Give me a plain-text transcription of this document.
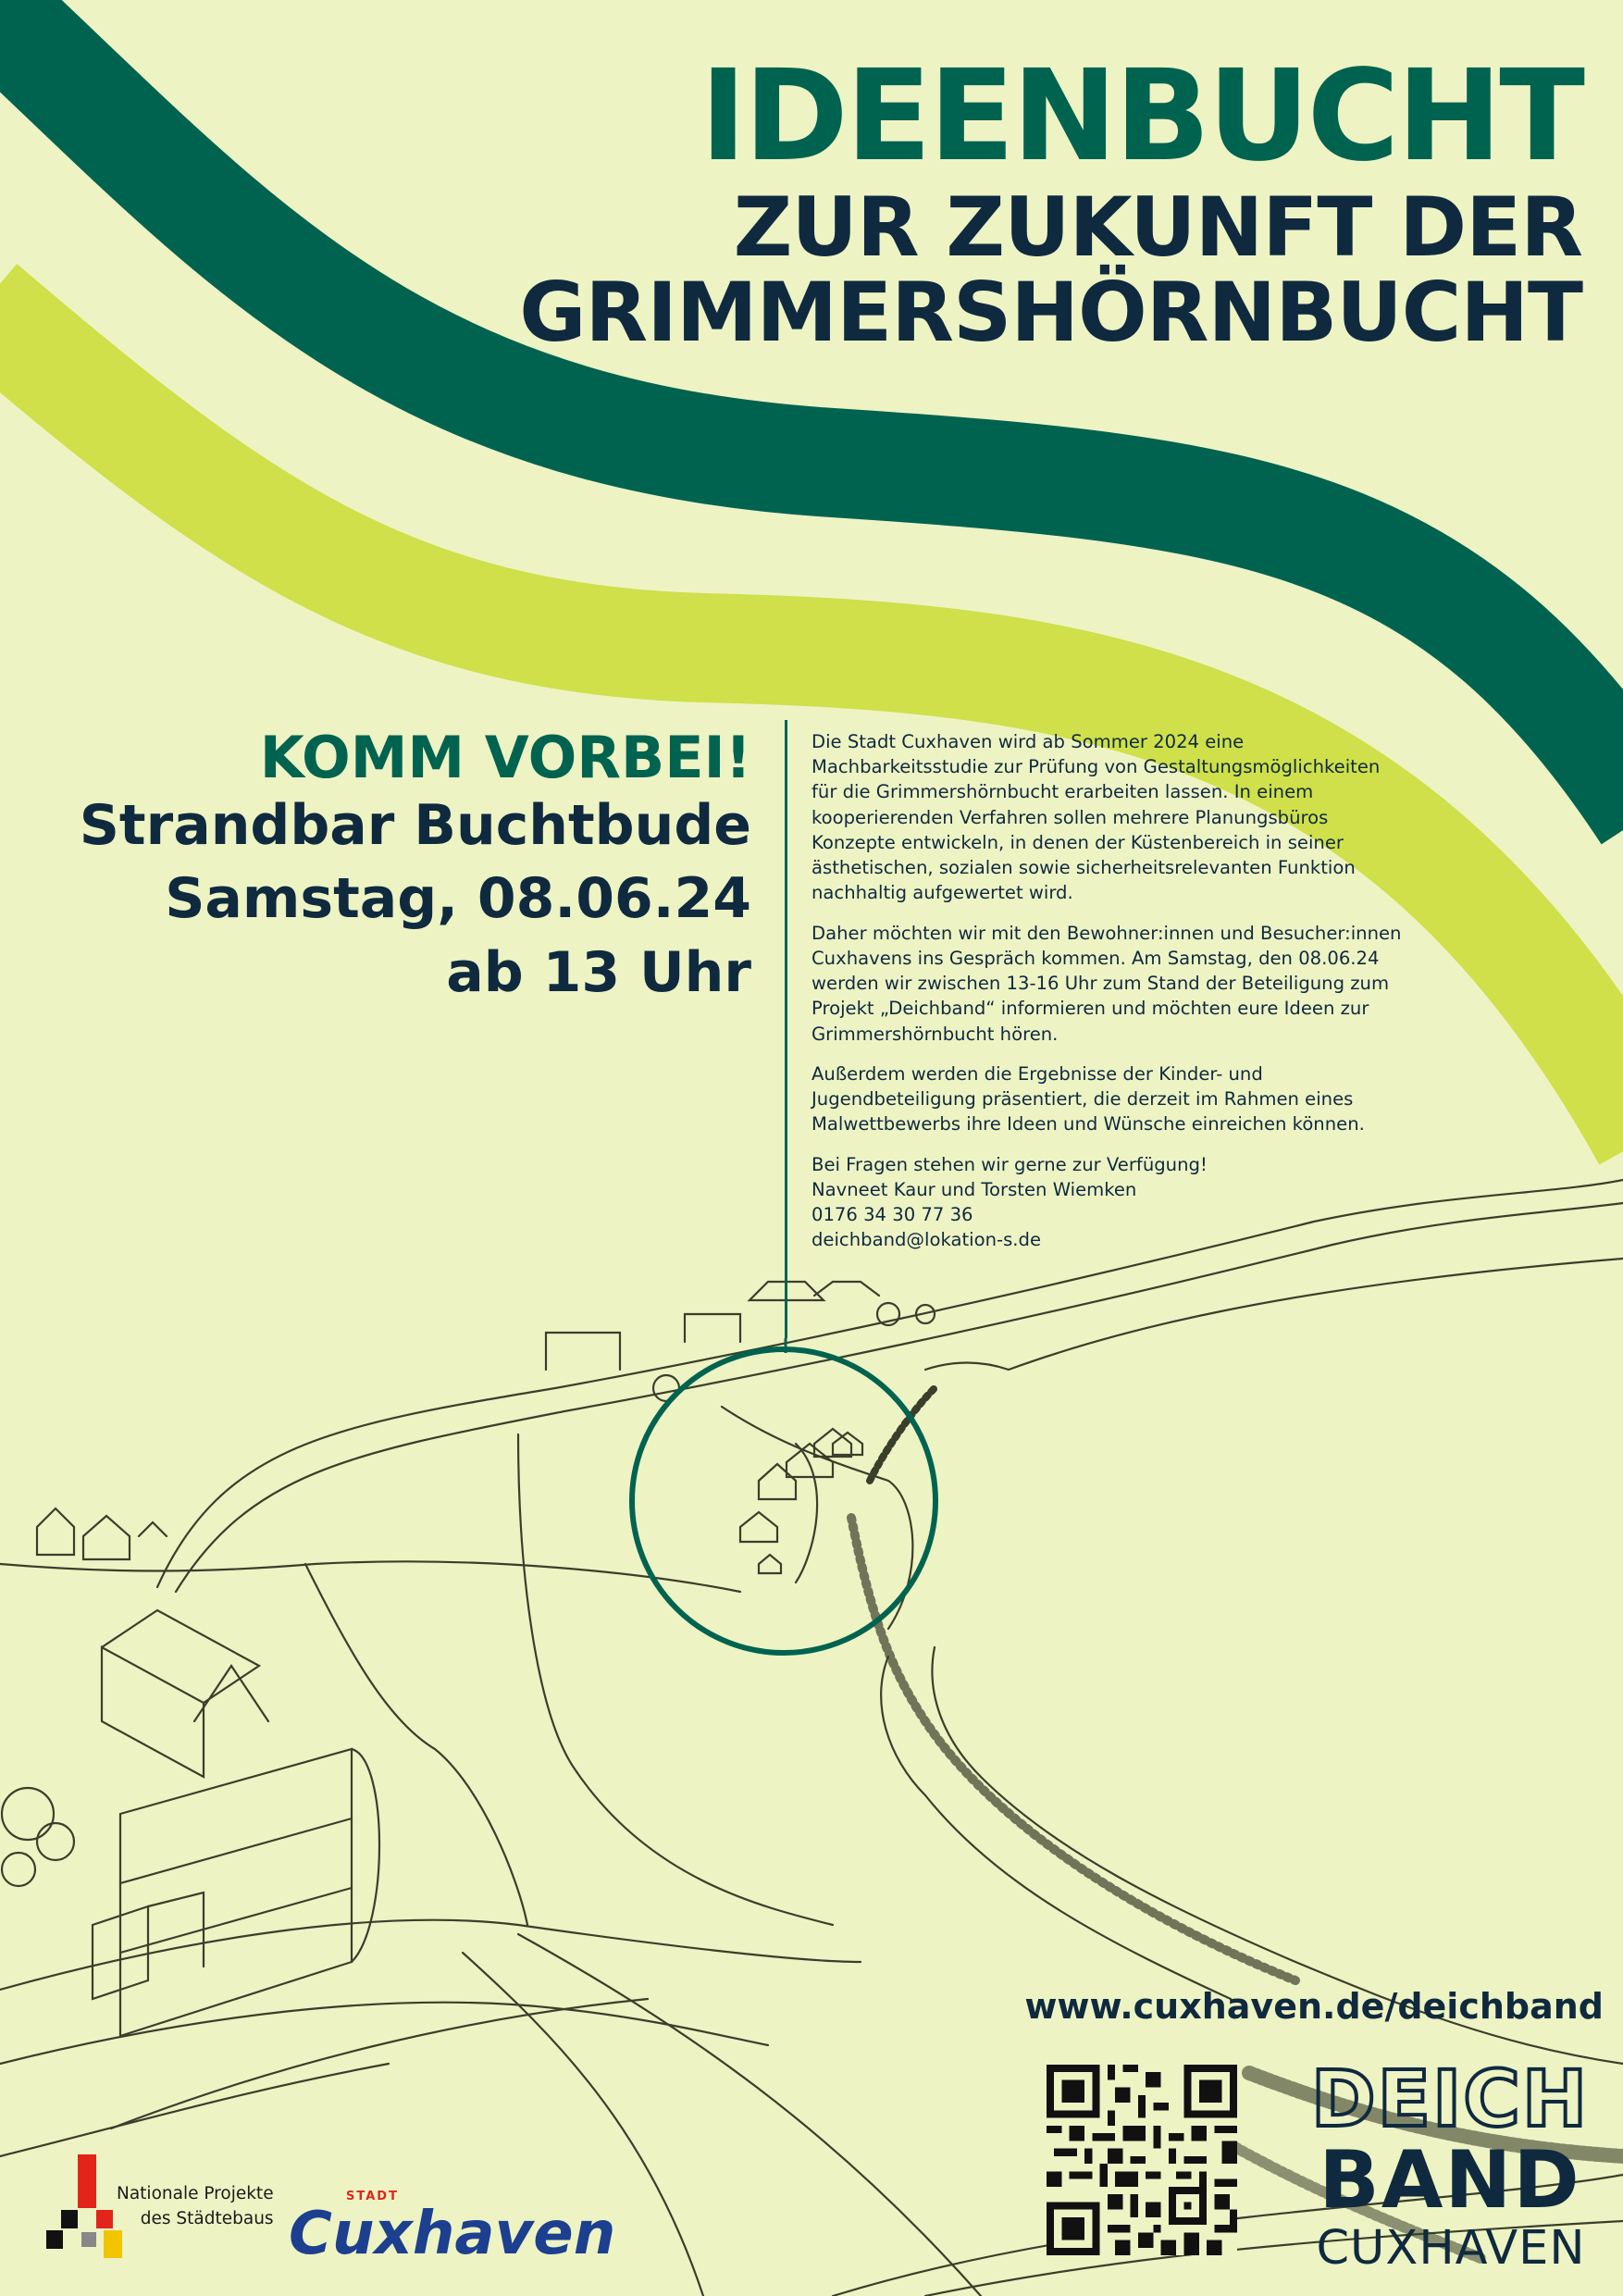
IDEENBUCHT
ZUR ZUKUNFT DER
GRIMMERSHÖRNBUCHT
KOMM VORBEI!
Strandbar Buchtbude
Samstag, 08.06.24
ab 13 Uhr

Die Stadt Cuxhaven wird ab Sommer 2024 eine Machbarkeitsstudie zur Prüfung von Gestaltungsmöglichkeiten für die Grimmershörnbucht erarbeiten lassen. In einem kooperierenden Verfahren sollen mehrere Planungsbüros Konzepte entwickeln, in denen der Küstenbereich in seiner ästhetischen, sozialen sowie sicherheitsrelevanten Funktion nachhaltig aufgewertet wird.

Daher möchten wir mit den Bewohner:innen und Besucher:innen Cuxhavens ins Gespräch kommen. Am Samstag, den 08.06.24 werden wir zwischen 13-16 Uhr zum Stand der Beteiligung zum Projekt „Deichband“ informieren und möchten eure Ideen zur Grimmershörnbucht hören.

Außerdem werden die Ergebnisse der Kinder- und Jugendbeteiligung präsentiert, die derzeit im Rahmen eines Malwettbewerbs ihre Ideen und Wünsche einreichen können.

Bei Fragen stehen wir gerne zur Verfügung!
Navneet Kaur und Torsten Wiemken
0176 34 30 77 36
deichband@lokation-s.de

www.cuxhaven.de/deichband
DEICH
BAND
CUXHAVEN
Nationale Projekte
des Städtebaus
STADT
Cuxhaven
